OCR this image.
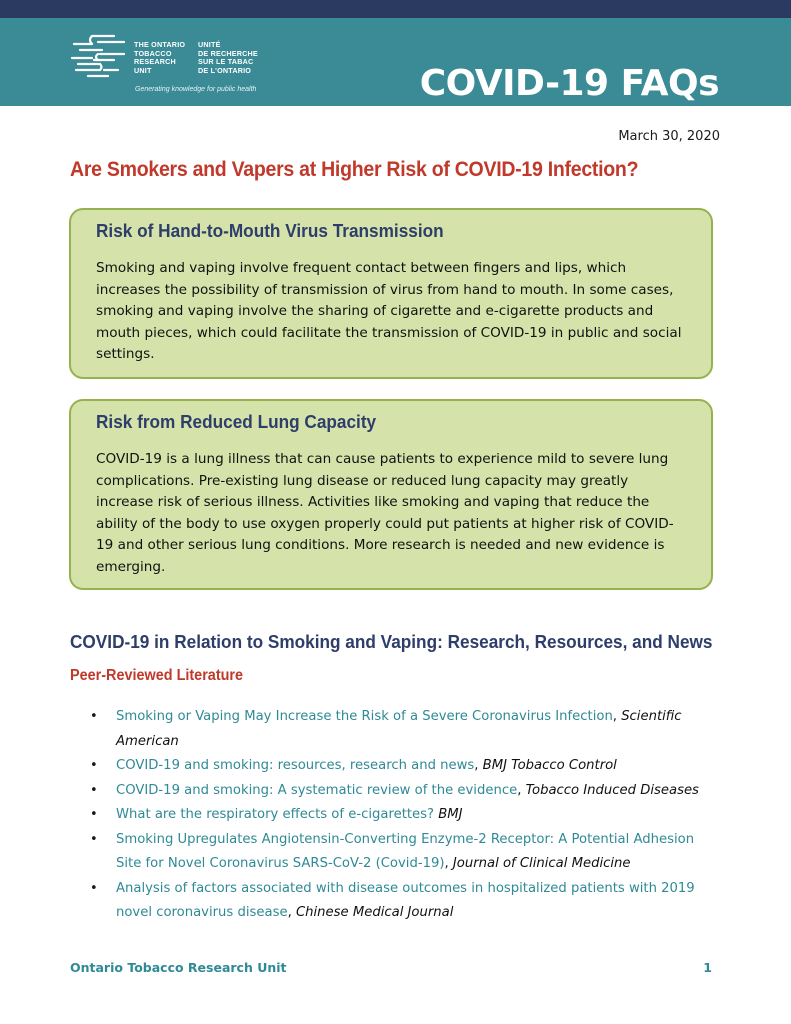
THE ONTARIO
TOBACCO
RESEARCH
UNIT
UNITÉ
DE RECHERCHE
SUR LE TABAC
DE L'ONTARIO
Generating knowledge for public health	COVID-19 FAQs
March 30, 2020
Are Smokers and Vapers at Higher Risk of COVID-19 Infection?
Risk of Hand-to-Mouth Virus Transmission

Smoking and vaping involve frequent contact between fingers and lips, which increases the possibility of transmission of virus from hand to mouth. In some cases, smoking and vaping involve the sharing of cigarette and e-cigarette products and mouth pieces, which could facilitate the transmission of COVID-19 in public and social settings.

Risk from Reduced Lung Capacity

COVID-19 is a lung illness that can cause patients to experience mild to severe lung complications. Pre-existing lung disease or reduced lung capacity may greatly increase risk of serious illness. Activities like smoking and vaping that reduce the ability of the body to use oxygen properly could put patients at higher risk of COVID-19 and other serious lung conditions. More research is needed and new evidence is emerging.

COVID-19 in Relation to Smoking and Vaping: Research, Resources, and News
Peer-Reviewed Literature
• Smoking or Vaping May Increase the Risk of a Severe Coronavirus Infection, Scientific American
• COVID-19 and smoking: resources, research and news, BMJ Tobacco Control
• COVID-19 and smoking: A systematic review of the evidence, Tobacco Induced Diseases
• What are the respiratory effects of e-cigarettes? BMJ
• Smoking Upregulates Angiotensin-Converting Enzyme-2 Receptor: A Potential Adhesion Site for Novel Coronavirus SARS-CoV-2 (Covid-19), Journal of Clinical Medicine
• Analysis of factors associated with disease outcomes in hospitalized patients with 2019 novel coronavirus disease, Chinese Medical Journal
Ontario Tobacco Research Unit	1
